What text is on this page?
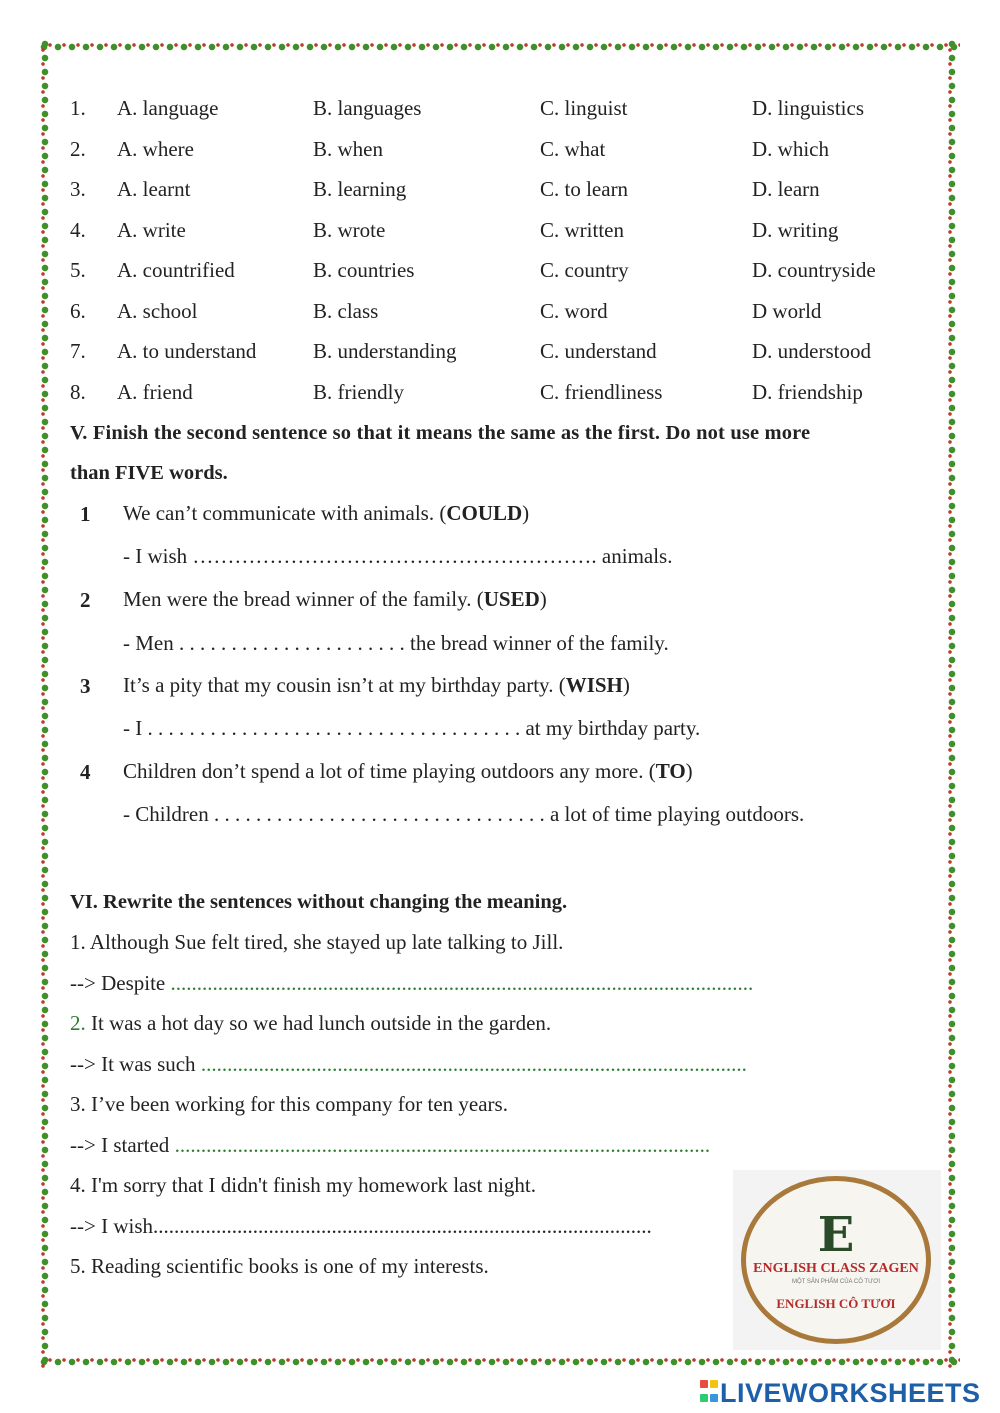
1. A. language	B. languages	C. linguist	D. linguistics
2. A. where	B. when	C. what	D. which
3. A. learnt	B. learning	C. to learn	D. learn
4. A. write	B. wrote	C. written	D. writing
5. A. countrified	B. countries	C. country	D. countryside
6. A. school	B. class	C. word	D world
7. A. to understand	B. understanding	C. understand	D. understood
8. A. friend	B. friendly	C. friendliness	D. friendship
V. Finish the second sentence so that it means the same as the first. Do not use more
than FIVE words.
1 We can’t communicate with animals. (COULD)
- I wish …………………………………………………. animals.
2 Men were the bread winner of the family. (USED)
- Men . . . . . . . . . . . . . . . . . . . . . . the bread winner of the family.
3 It’s a pity that my cousin isn’t at my birthday party. (WISH)
- I . . . . . . . . . . . . . . . . . . . . . . . . . . . . . . . . . . . . at my birthday party.
4 Children don’t spend a lot of time playing outdoors any more. (TO)
- Children . . . . . . . . . . . . . . . . . . . . . . . . . . . . . . . . a lot of time playing outdoors.
VI. Rewrite the sentences without changing the meaning.
1. Although Sue felt tired, she stayed up late talking to Jill.
--> Despite ...............................................................................................................
2. It was a hot day so we had lunch outside in the garden.
--> It was such ........................................................................................................
3. I’ve been working for this company for ten years.
--> I started ......................................................................................................
4. I'm sorry that I didn't finish my homework last night.
--> I wish...............................................................................................
5. Reading scientific books is one of my interests.
E
ENGLISH CLASS ZAGEN
MỘT SẢN PHẨM CỦA CÔ TƯƠI
ENGLISH CÔ TƯƠI
LIVEWORKSHEETS
